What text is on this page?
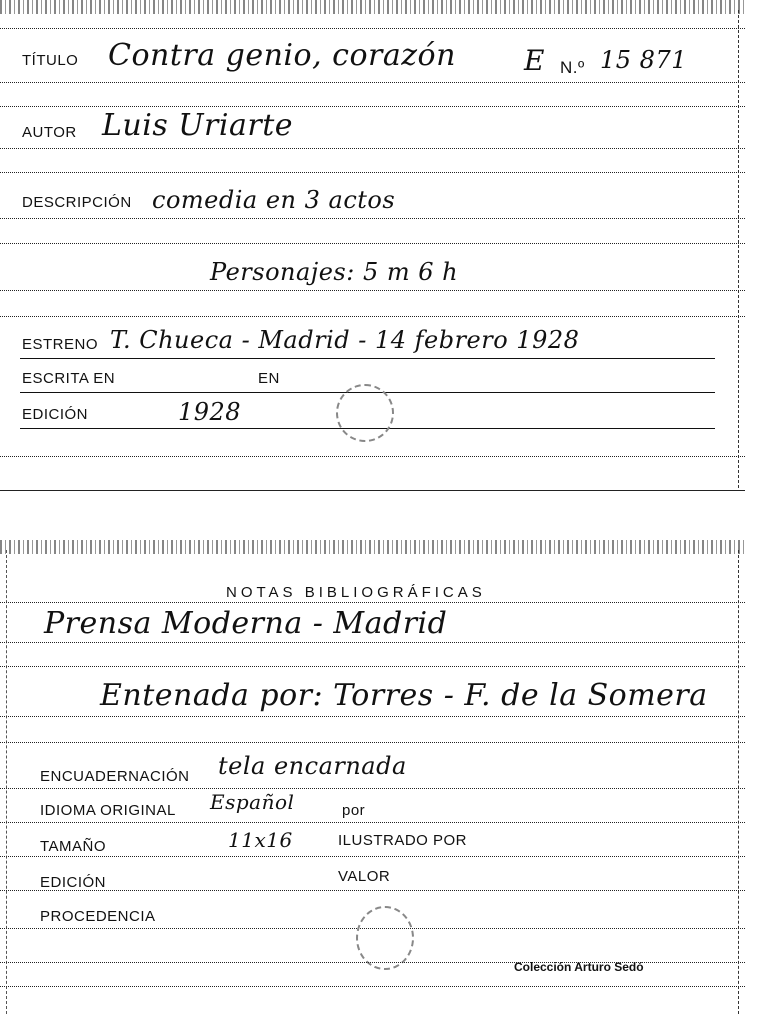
TÍTULO Contra genio, corazón E N.º 15 871
AUTOR Luis Uriarte
DESCRIPCIÓN comedia en 3 actos
Personajes: 5 m 6 h
ESTRENO T. Chueca - Madrid - 14 febrero 1928
ESCRITA EN	EN
EDICIÓN	1928
NOTAS BIBLIOGRÁFICAS
Prensa Moderna - Madrid
Entenada por: Torres - F. de la Somera
ENCUADERNACIÓN tela encarnada
IDIOMA ORIGINAL Español	por
TAMAÑO	11x16	ILUSTRADO POR
EDICIÓN	VALOR
PROCEDENCIA
Colección Arturo Sedó
